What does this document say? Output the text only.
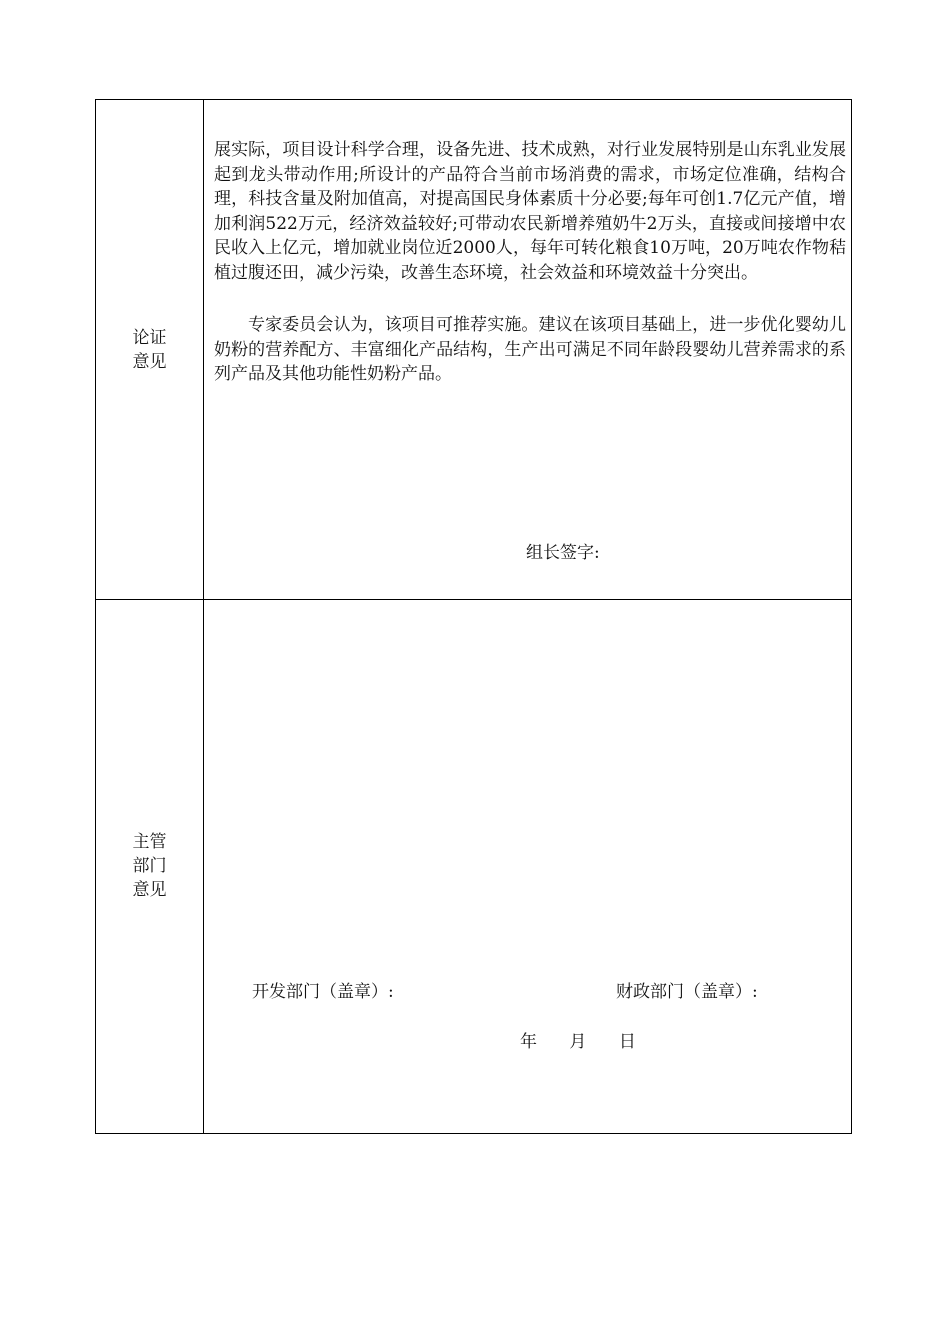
论证
意见

展实际，项目设计科学合理，设备先进、技术成熟，对行业发展特别是山东乳业发展起到龙头带动作用;所设计的产品符合当前市场消费的需求，市场定位准确，结构合理，科技含量及附加值高，对提高国民身体素质十分必要;每年可创1.7亿元产值，增加利润522万元，经济效益较好;可带动农民新增养殖奶牛2万头，直接或间接增中农民收入上亿元，增加就业岗位近2000人，每年可转化粮食10万吨，20万吨农作物秸植过腹还田，减少污染，改善生态环境，社会效益和环境效益十分突出。

专家委员会认为，该项目可推荐实施。建议在该项目基础上，进一步优化婴幼儿奶粉的营养配方、丰富细化产品结构，生产出可满足不同年龄段婴幼儿营养需求的系列产品及其他功能性奶粉产品。

组长签字:
主管
部门
意见
开发部门（盖章）:	财政部门（盖章）:
年      月      日
